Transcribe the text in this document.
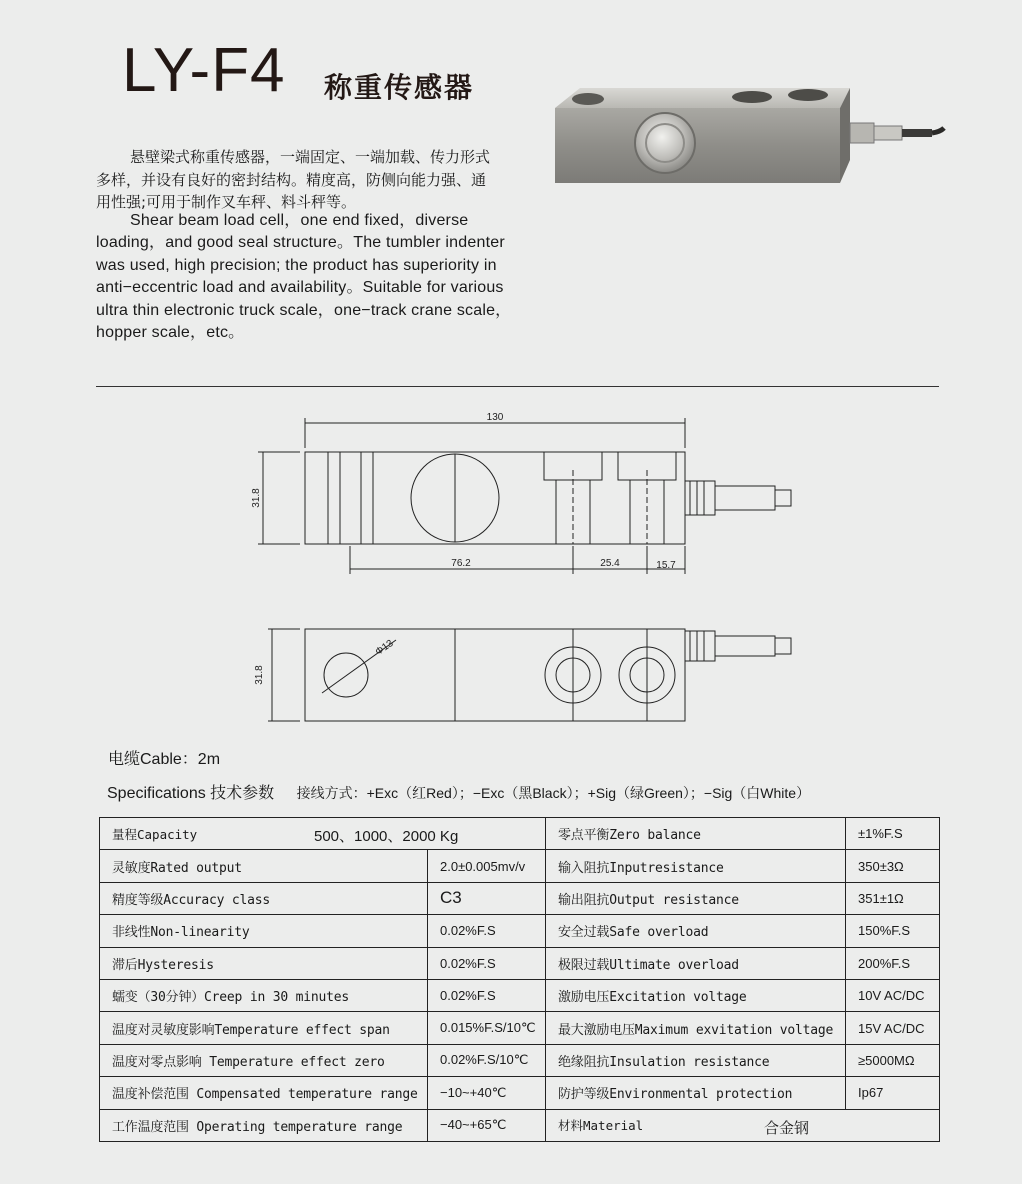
LY-F4 称重传感器
悬壁梁式称重传感器，一端固定、一端加载、传力形式
多样，并设有良好的密封结构。精度高，防侧向能力强、通
用性强;可用于制作叉车秤、料斗秤等。
Shear beam load cell，one end fixed，diverse
loading，and good seal structure。The tumbler indenter
was used, high precision; the product has superiority in
anti−eccentric load and availability。Suitable for various
ultra thin electronic truck scale，one−track crane scale，
hopper scale，etc。
130
31.8
76.2	25.4	15.7
31.8
Φ13
电缆Cable：2m
Specifications 技术参数 接线方式：+Exc（红Red）；−Exc（黑Black）；+Sig（绿Green）；−Sig（白White）
量程Capacity 500、1000、2000 Kg		零点平衡Zero balance	±1%F.S
灵敏度Rated output	2.0±0.005mv/v	输入阻抗Inputresistance	350±3Ω
精度等级Accuracy class	C3	输出阻抗Output resistance	351±1Ω
非线性Non-linearity	0.02%F.S	安全过载Safe overload	150%F.S
滞后Hysteresis	0.02%F.S	极限过载Ultimate overload	200%F.S
蠕变（30分钟）Creep in 30 minutes	0.02%F.S	激励电压Excitation voltage	10V AC/DC
温度对灵敏度影响Temperature effect span	0.015%F.S/10℃	最大激励电压Maximum exvitation voltage	15V AC/DC
温度对零点影响 Temperature effect zero	0.02%F.S/10℃	绝缘阻抗Insulation resistance	≥5000MΩ
温度补偿范围 Compensated temperature range	−10~+40℃	防护等级Environmental protection	Ip67
工作温度范围 Operating temperature range	−40~+65℃	材料Material 合金钢	
